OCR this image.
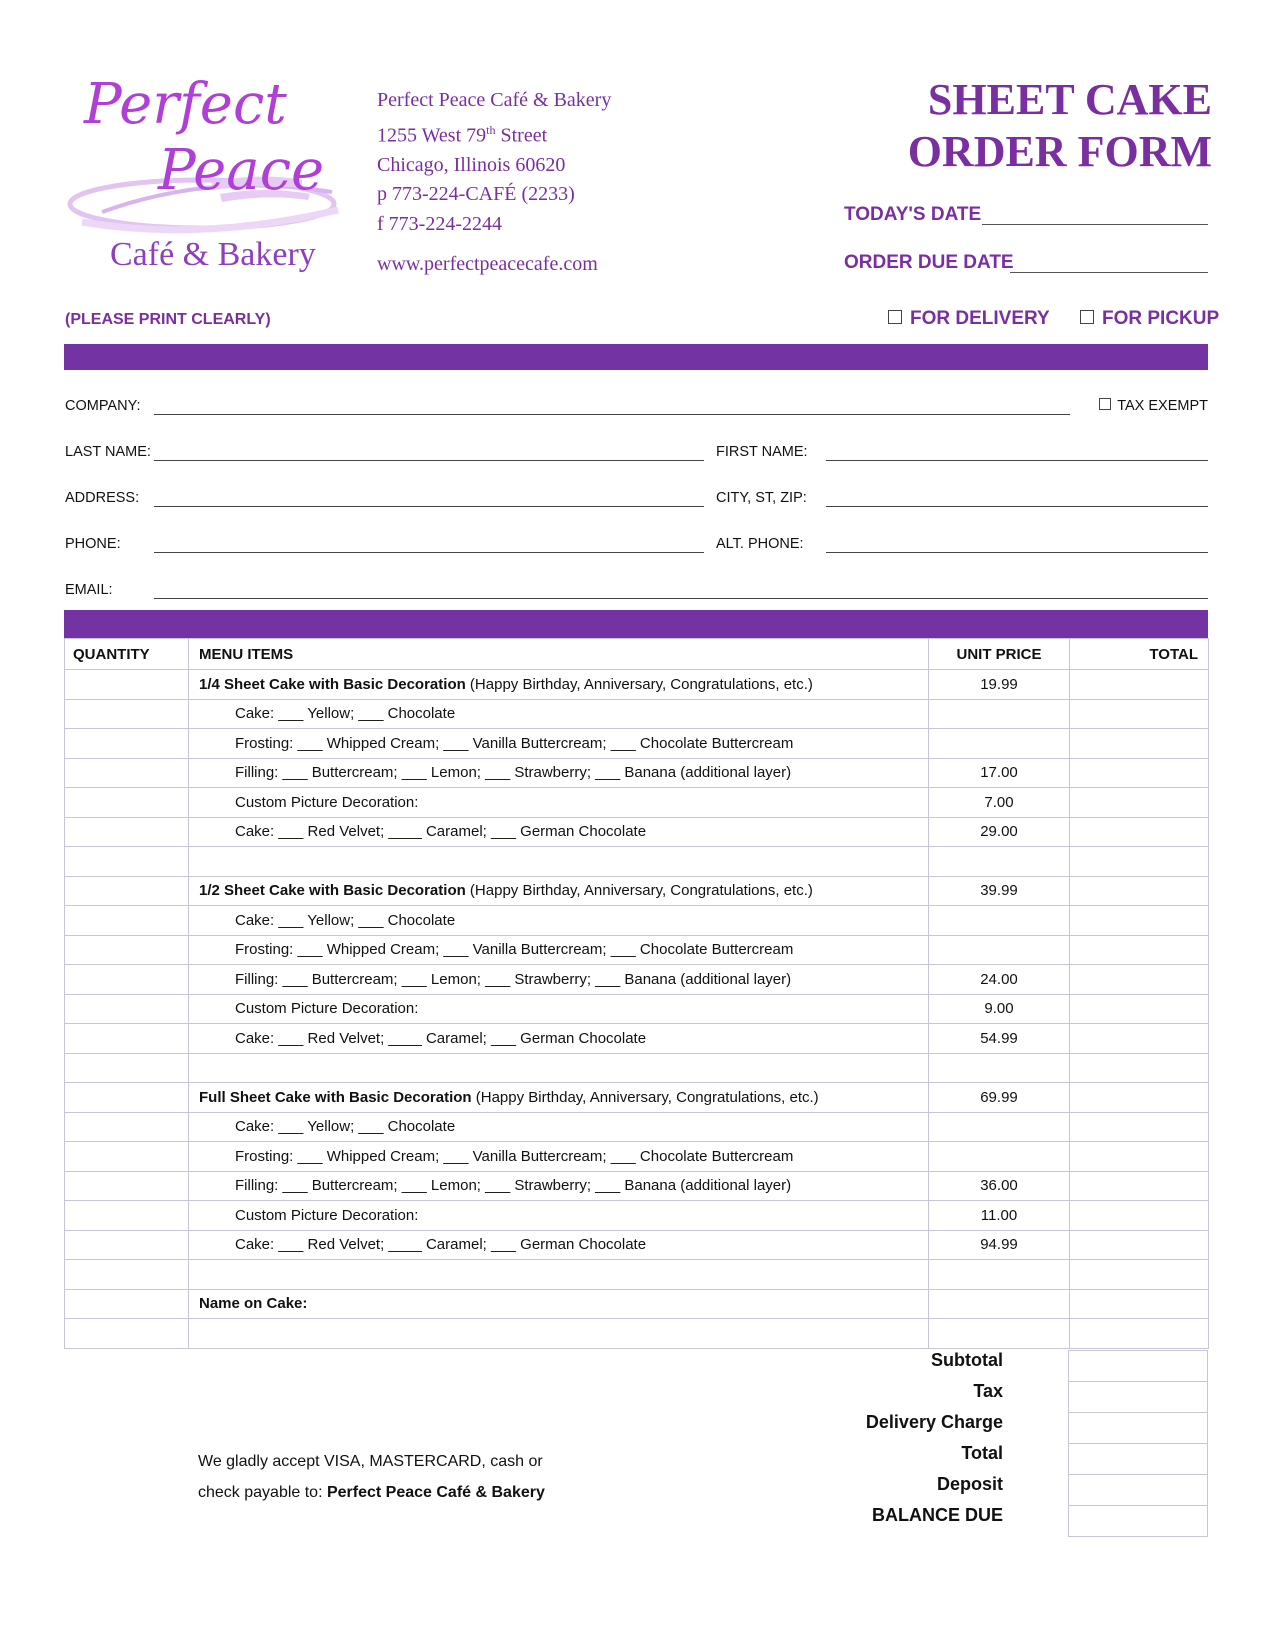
Perfect
Peace
Café & Bakery
Perfect Peace Café & Bakery
1255 West 79th Street
Chicago, Illinois 60620
p 773-224-CAFÉ (2233)
f 773-224-2244
www.perfectpeacecafe.com
SHEET CAKE
ORDER FORM
TODAY'S DATE
ORDER DUE DATE
(PLEASE PRINT CLEARLY)	FOR DELIVERY	FOR PICKUP
COMPANY:	TAX EXEMPT
LAST NAME:	FIRST NAME:
ADDRESS:	CITY, ST, ZIP:
PHONE:	ALT. PHONE:
EMAIL:
QUANTITY	MENU ITEMS	UNIT PRICE	TOTAL
	1/4 Sheet Cake with Basic Decoration (Happy Birthday, Anniversary, Congratulations, etc.)	19.99	
	Cake: ___ Yellow; ___ Chocolate		
	Frosting: ___ Whipped Cream; ___ Vanilla Buttercream; ___ Chocolate Buttercream		
	Filling: ___ Buttercream; ___ Lemon; ___ Strawberry; ___ Banana (additional layer)	17.00	
	Custom Picture Decoration:	7.00	
	Cake: ___ Red Velvet; ____ Caramel; ___ German Chocolate	29.00	

	1/2 Sheet Cake with Basic Decoration (Happy Birthday, Anniversary, Congratulations, etc.)	39.99	
	Cake: ___ Yellow; ___ Chocolate		
	Frosting: ___ Whipped Cream; ___ Vanilla Buttercream; ___ Chocolate Buttercream		
	Filling: ___ Buttercream; ___ Lemon; ___ Strawberry; ___ Banana (additional layer)	24.00	
	Custom Picture Decoration:	9.00	
	Cake: ___ Red Velvet; ____ Caramel; ___ German Chocolate	54.99	

	Full Sheet Cake with Basic Decoration (Happy Birthday, Anniversary, Congratulations, etc.)	69.99	
	Cake: ___ Yellow; ___ Chocolate		
	Frosting: ___ Whipped Cream; ___ Vanilla Buttercream; ___ Chocolate Buttercream		
	Filling: ___ Buttercream; ___ Lemon; ___ Strawberry; ___ Banana (additional layer)	36.00	
	Custom Picture Decoration:	11.00	
	Cake: ___ Red Velvet; ____ Caramel; ___ German Chocolate	94.99	

	Name on Cake:		

Subtotal
Tax
Delivery Charge
Total
Deposit
BALANCE DUE

We gladly accept VISA, MASTERCARD, cash or
check payable to: Perfect Peace Café & Bakery
